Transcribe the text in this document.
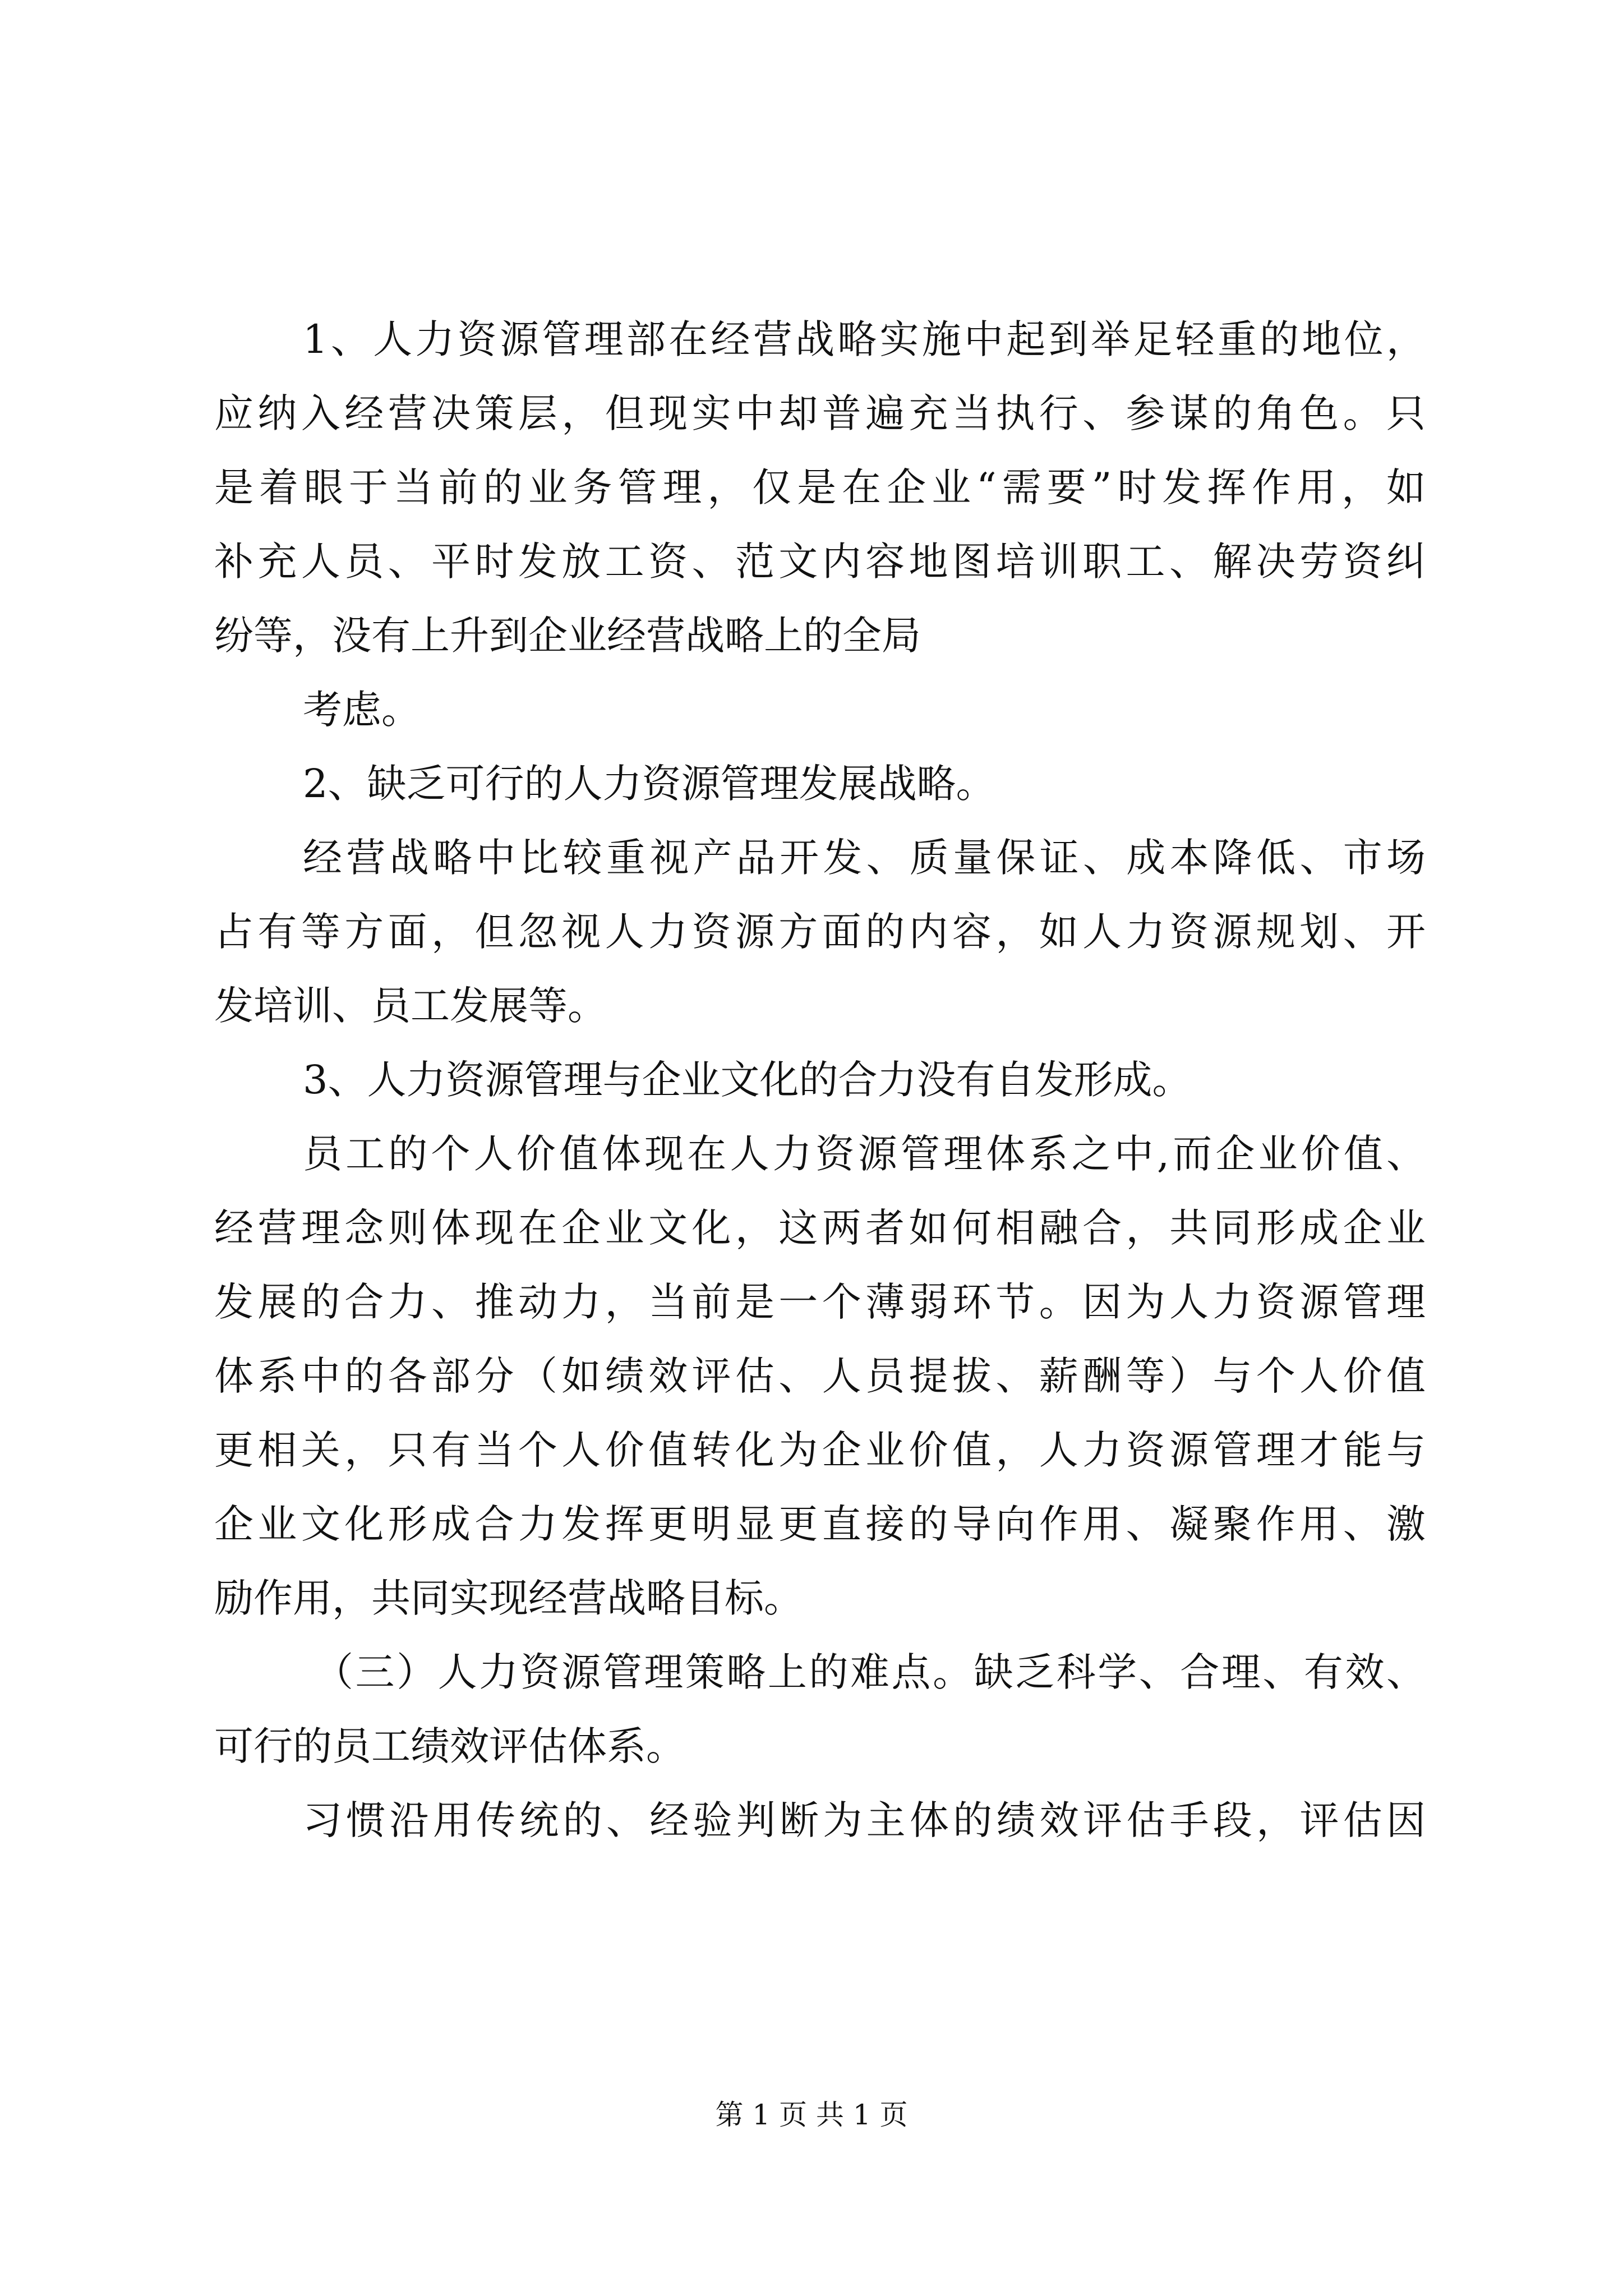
1、人力资源管理部在经营战略实施中起到举足轻重的地位，
应纳入经营决策层，但现实中却普遍充当执行、参谋的角色。只
是着眼于当前的业务管理，仅是在企业“需要”时发挥作用，如
补充人员、平时发放工资、范文内容地图培训职工、解决劳资纠
纷等，没有上升到企业经营战略上的全局
考虑。
2、缺乏可行的人力资源管理发展战略。
经营战略中比较重视产品开发、质量保证、成本降低、市场
占有等方面，但忽视人力资源方面的内容，如人力资源规划、开
发培训、员工发展等。
3、人力资源管理与企业文化的合力没有自发形成。
员工的个人价值体现在人力资源管理体系之中,而企业价值、
经营理念则体现在企业文化，这两者如何相融合，共同形成企业
发展的合力、推动力，当前是一个薄弱环节。因为人力资源管理
体系中的各部分（如绩效评估、人员提拔、薪酬等）与个人价值
更相关，只有当个人价值转化为企业价值，人力资源管理才能与
企业文化形成合力发挥更明显更直接的导向作用、凝聚作用、激
励作用，共同实现经营战略目标。
（三）人力资源管理策略上的难点。缺乏科学、合理、有效、
可行的员工绩效评估体系。
习惯沿用传统的、经验判断为主体的绩效评估手段，评估因
第 1 页 共 1 页
